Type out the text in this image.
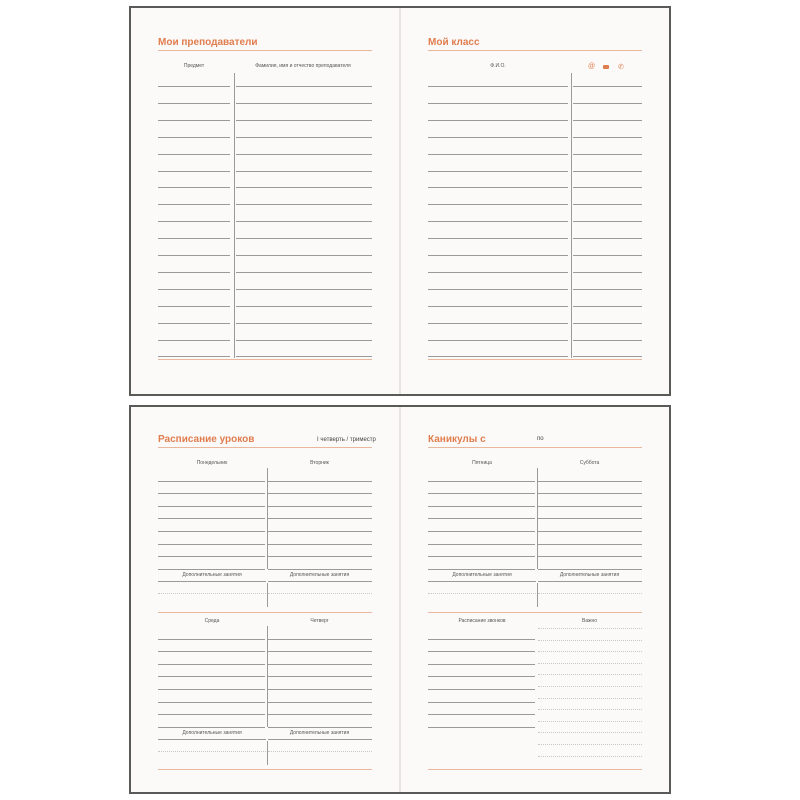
Мои преподаватели
Предмет	Фамилия, имя и отчество преподавателя
Мой класс
Ф.И.О.	@	✆
Расписание уроков	I четверть / триместр
Понедельник	Вторник
Дополнительные занятия	Дополнительные занятия
Среда	Четверг
Дополнительные занятия	Дополнительные занятия
Каникулы с	по
Пятница	Суббота
Дополнительные занятия	Дополнительные занятия
Расписание звонков	Важно
